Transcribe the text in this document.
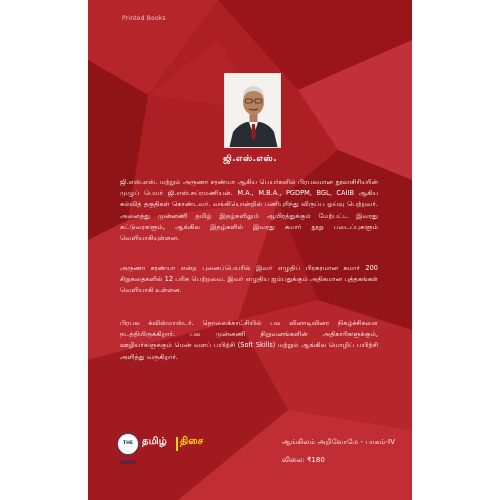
Printed Books
ஜி.எஸ்.எஸ்.
ஜி.எஸ்.எஸ். மற்றும் அருணா சரண்யா ஆகிய பெயர்களில் பிரபலமான நூலாசிரியரின் முழுப் பெயர் ஜி.எஸ்.சுப்ரமணியன். M.A., M.B.A., PGDPM, BGL, CAIIB ஆகிய கல்வித் தகுதிகள் கொண்டவர். வங்கியொன்றில் பணிபுரிந்து விருப்ப ஓய்வு பெற்றவர். அனைத்து முன்னணி தமிழ் இதழ்களிலும் ஆயிரத்துக்கும் மேற்பட்ட இவரது கட்டுரைகளும், ஆங்கில இதழ்களில் இவரது சுமார் நூறு படைப்புகளும் வெளியாகியுள்ளன.
அருணா சரண்யா என்ற புனைப்பெயரில் இவர் எழுதிப் பிரசுரமான சுமார் 200 சிறுகதைகளில் 12 பரிசு பெற்றவை. இவர் எழுதிய ஐம்பதுக்கும் அதிகமான புத்தகங்கள் வெளியாகி உள்ளன.
பிரபல க்விஸ்மாஸ்டர். தொலைக்காட்சியில் பல வினாடிவினா நிகழ்ச்சிகளை நடத்தியிருக்கிறார். பல முன்னணி நிறுவனங்களின் அதிகாரிகளுக்கும், ஊழியர்களுக்கும் மென் வளப் பயிற்சி (Soft Skills) மற்றும் ஆங்கில மொழிப் பயிற்சி அளித்து வருகிறார்.
THE HINDU
தமிழ் திசை	ஆங்கிலம் அறிவோமே - பாகம்-IV
விலை: ₹180
